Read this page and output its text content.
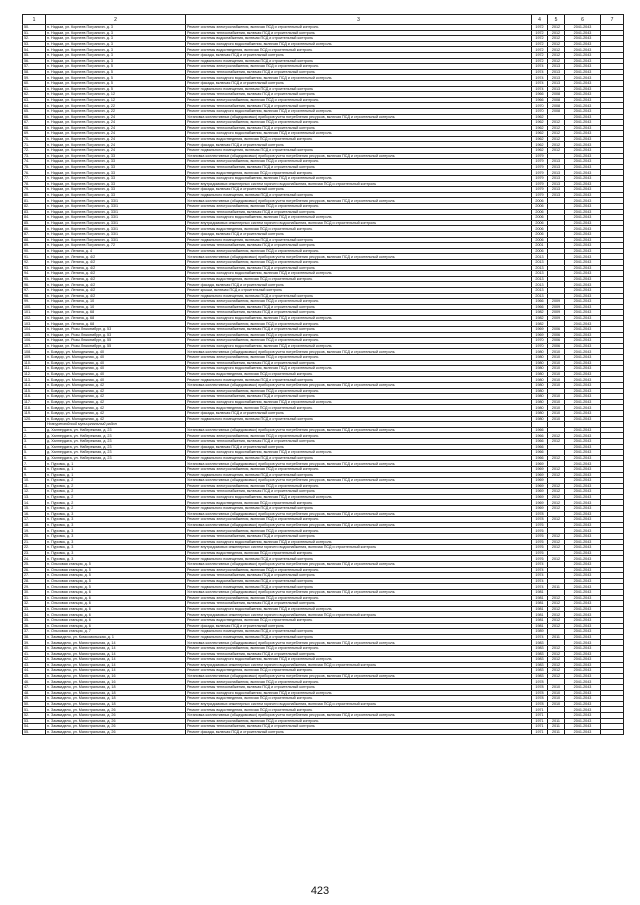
1	2	3	4	5	6	7
50.	п. Надым, ул. Корнеев Пограничн. д. 3	Ремонт системы электроснабжения, включая ПСД и строительный контроль	1972	2012	2041-2043	
51.	п. Надым, ул. Корнеев Пограничн. д. 3	Ремонт системы теплоснабжения, включая ПСД и строительный контроль	1972	2012	2041-2043	
52.	п. Надым, ул. Корнеев Пограничн. д. 3	Ремонт системы водоснабжения, включая ПСД и строительный контроль	1972	2012	2041-2043	
53.	п. Надым, ул. Корнеев Пограничн. д. 3	Ремонт системы холодного водоснабжения, включая ПСД и строительный контроль	1972	2012	2041-2043	
54.	п. Надым, ул. Корнеев Пограничн. д. 3	Ремонт системы водоотведения, включая ПСД и строительный контроль	1972	2012	2041-2043	
55.	п. Надым, ул. Корнеев Пограничн. д. 3	Ремонт фасада, включая ПСД и строительный контроль	1972	2012	2041-2043	
56.	п. Надым, ул. Корнеев Пограничн. д. 3	Ремонт подвального помещения, включая ПСД и строительный контроль	1972	2012	2041-2043	
57.	п. Надым, ул. Корнеев Пограничн. д. 5	Ремонт системы электроснабжения, включая ПСД и строительный контроль	1974	2013	2041-2043	
58.	п. Надым, ул. Корнеев Пограничн. д. 5	Ремонт системы теплоснабжения, включая ПСД и строительный контроль	1974	2013	2041-2043	
59.	п. Надым, ул. Корнеев Пограничн. д. 5	Ремонт системы холодного водоснабжения, включая ПСД и строительный контроль	1974	2013	2041-2043	
60.	п. Надым, ул. Корнеев Пограничн. д. 5	Ремонт фасада, включая ПСД и строительный контроль	1974	2013	2041-2043	
61.	п. Надым, ул. Корнеев Пограничн. д. 5	Ремонт подвального помещения, включая ПСД и строительный контроль	1974	2013	2041-2043	
62.	п. Надым, ул. Корнеев Пограничн. д. 12	Ремонт системы теплоснабжения, включая ПСД и строительный контроль	1966	2008	2041-2043	
63.	п. Надым, ул. Корнеев Пограничн. д. 12	Ремонт системы электроснабжения, включая ПСД и строительный контроль	1966	2008	2041-2043	
64.	п. Надым, ул. Корнеев Пограничн. д. 22	Ремонт системы теплоснабжения, включая ПСД и строительный контроль	1970	2008	2041-2043	
65.	п. Надым, ул. Корнеев Пограничн. д. 22	Ремонт системы холодного водоснабжения, включая ПСД и строительный контроль	1970	2008	2041-2043	
66.	п. Надым, ул. Корнеев Пограничн. д. 24	Установка коллективных (общедомовых) приборов учета потребления ресурсов, включая ПСД и строительный контроль	1962		2041-2043	
67.	п. Надым, ул. Корнеев Пограничн. д. 24	Ремонт системы электроснабжения, включая ПСД и строительный контроль	1962	2012	2041-2043	
68.	п. Надым, ул. Корнеев Пограничн. д. 24	Ремонт системы теплоснабжения, включая ПСД и строительный контроль	1962	2012	2041-2043	
69.	п. Надым, ул. Корнеев Пограничн. д. 24	Ремонт системы холодного водоснабжения, включая ПСД и строительный контроль	1962	2012	2041-2043	
70.	п. Надым, ул. Корнеев Пограничн. д. 24	Ремонт системы водоотведения, включая ПСД и строительный контроль	1962	2012	2041-2043	
71.	п. Надым, ул. Корнеев Пограничн. д. 24	Ремонт фасада, включая ПСД и строительный контроль	1962	2012	2041-2043	
72.	п. Надым, ул. Корнеев Пограничн. д. 24	Ремонт подвального помещения, включая ПСД и строительный контроль	1962	2012	2041-2043	
73.	п. Надым, ул. Корнеев Пограничн. д. 33	Установка коллективных (общедомовых) приборов учета потребления ресурсов, включая ПСД и строительный контроль	1979		2041-2043	
74.	п. Надым, ул. Корнеев Пограничн. д. 33	Ремонт системы электроснабжения, включая ПСД и строительный контроль	1979	2013	2041-2043	
75.	п. Надым, ул. Корнеев Пограничн. д. 33	Ремонт системы теплоснабжения, включая ПСД и строительный контроль	1979	2013	2041-2043	
76.	п. Надым, ул. Корнеев Пограничн. д. 33	Ремонт системы водоотведения, включая ПСД и строительный контроль	1979	2013	2041-2043	
77.	п. Надым, ул. Корнеев Пограничн. д. 33	Ремонт системы холодного водоснабжения, включая ПСД и строительный контроль	1979	2013	2041-2043	
78.	п. Надым, ул. Корнеев Пограничн. д. 33	Ремонт внутридомовых инженерных систем горячего водоснабжения, включая ПСД и строительный контроль	1979	2013	2041-2043	
79.	п. Надым, ул. Корнеев Пограничн. д. 33	Ремонт фасада, включая ПСД и строительный контроль	1979	2013	2041-2043	
80.	п. Надым, ул. Корнеев Пограничн. д. 33	Ремонт подвального помещения, включая ПСД и строительный контроль	1979	2013	2041-2043	
81.	п. Надым, ул. Корнеев Пограничн. д. 33/1	Установка коллективных (общедомовых) приборов учета потребления ресурсов, включая ПСД и строительный контроль	2006		2041-2043	
82.	п. Надым, ул. Корнеев Пограничн. д. 33/1	Ремонт системы электроснабжения, включая ПСД и строительный контроль	2006		2041-2043	
83.	п. Надым, ул. Корнеев Пограничн. д. 33/1	Ремонт системы теплоснабжения, включая ПСД и строительный контроль	2006		2041-2043	
84.	п. Надым, ул. Корнеев Пограничн. д. 33/1	Ремонт системы холодного водоснабжения, включая ПСД и строительный контроль	2006		2041-2043	
85.	п. Надым, ул. Корнеев Пограничн. д. 33/1	Ремонт внутридомовых инженерных систем горячего водоснабжения, включая ПСД и строительный контроль	2006		2041-2043	
86.	п. Надым, ул. Корнеев Пограничн. д. 33/1	Ремонт системы водоотведения, включая ПСД и строительный контроль	2006		2041-2043	
87.	п. Надым, ул. Корнеев Пограничн. д. 33/1	Ремонт фасада, включая ПСД и строительный контроль	2006		2041-2043	
88.	п. Надым, ул. Корнеев Пограничн. д. 33/1	Ремонт подвального помещения, включая ПСД и строительный контроль	2006		2041-2043	
89.	п. Надым, ул. Корнеев Пограничн. д. 72	Ремонт системы теплоснабжения, включая ПСД и строительный контроль	2001		2041-2043	
90.	п. Надым, ул. Ленина, д. 4	Ремонт системы электроснабжения, включая ПСД и строительный контроль	2006		2041-2043	
91.	п. Надым, ул. Ленина, д. 4/2	Установка коллективных (общедомовых) приборов учета потребления ресурсов, включая ПСД и строительный контроль	2013		2041-2043	
92.	п. Надым, ул. Ленина, д. 4/2	Ремонт системы электроснабжения, включая ПСД и строительный контроль	2013		2041-2043	
93.	п. Надым, ул. Ленина, д. 4/2	Ремонт системы теплоснабжения, включая ПСД и строительный контроль	2013		2041-2043	
94.	п. Надым, ул. Ленина, д. 4/2	Ремонт системы холодного водоснабжения, включая ПСД и строительный контроль	2013		2041-2043	
95.	п. Надым, ул. Ленина, д. 4/2	Ремонт системы водоотведения, включая ПСД и строительный контроль	2013		2041-2043	
96.	п. Надым, ул. Ленина, д. 4/2	Ремонт фасада, включая ПСД и строительный контроль	2013		2041-2043	
97.	п. Надым, ул. Ленина, д. 4/2	Ремонт крыши, включая ПСД и строительный контроль	2013		2041-2043	
98.	п. Надым, ул. Ленина, д. 4/2	Ремонт подвального помещения, включая ПСД и строительный контроль	2013		2041-2043	
99.	п. Надым, ул. Ленина, д. 10	Ремонт системы электроснабжения, включая ПСД и строительный контроль	1966	2009	2041-2043	
100.	п. Надым, ул. Ленина, д. 10	Ремонт системы теплоснабжения, включая ПСД и строительный контроль	1966	2009	2041-2043	
101.	п. Надым, ул. Ленина, д. 68	Ремонт системы теплоснабжения, включая ПСД и строительный контроль	1982	2009	2041-2043	
102.	п. Надым, ул. Ленина, д. 68	Ремонт системы холодного водоснабжения, включая ПСД и строительный контроль	1982	2009	2041-2043	
103.	п. Надым, ул. Ленина, д. 68	Ремонт системы электроснабжения, включая ПСД и строительный контроль	1982		2041-2043	
104.	п. Надым, ул. Розы Люксембург, д. 53	Ремонт системы теплоснабжения, включая ПСД и строительный контроль	1969	2006	2041-2043	
105.	п. Надым, ул. Розы Люксембург, д. 53	Ремонт системы электроснабжения, включая ПСД и строительный контроль	1969	2006	2041-2043	
106.	п. Надым, ул. Розы Люксембург, д. 55	Ремонт системы электроснабжения, включая ПСД и строительный контроль	1970	2006	2041-2043	
107.	п. Надым, ул. Розы Люксембург, д. 55	Ремонт системы холодного водоснабжения, включая ПСД и строительный контроль	1970	2006	2041-2043	
108.	п. Бовдор, ул. Молодежная, д. 40	Установка коллективных (общедомовых) приборов учета потребления ресурсов, включая ПСД и строительный контроль	1980	2010	2041-2043	
109.	п. Бовдор, ул. Молодежная, д. 40	Ремонт системы электроснабжения, включая ПСД и строительный контроль	1980	2010	2041-2043	
110.	п. Бовдор, ул. Молодежная, д. 40	Ремонт системы теплоснабжения, включая ПСД и строительный контроль	1980	2010	2041-2043	
111.	п. Бовдор, ул. Молодежная, д. 40	Ремонт системы холодного водоснабжения, включая ПСД и строительный контроль	1980	2010	2041-2043	
112.	п. Бовдор, ул. Молодежная, д. 40	Ремонт системы водоотведения, включая ПСД и строительный контроль	1980	2010	2041-2043	
113.	п. Бовдор, ул. Молодежная, д. 40	Ремонт подвального помещения, включая ПСД и строительный контроль	1980	2010	2041-2043	
114.	п. Бовдор, ул. Молодежная, д. 42	Установка коллективных (общедомовых) приборов учета потребления ресурсов, включая ПСД и строительный контроль	1980	2010	2041-2043	
115.	п. Бовдор, ул. Молодежная, д. 42	Ремонт системы электроснабжения, включая ПСД и строительный контроль	1980		2041-2043	
116.	п. Бовдор, ул. Молодежная, д. 42	Ремонт системы теплоснабжения, включая ПСД и строительный контроль	1980	2010	2041-2043	
117.	п. Бовдор, ул. Молодежная, д. 42	Ремонт системы холодного водоснабжения, включая ПСД и строительный контроль	1980	2010	2041-2043	
118.	п. Бовдор, ул. Молодежная, д. 42	Ремонт системы водоотведения, включая ПСД и строительный контроль	1980	2010	2041-2043	
119.	п. Бовдор, ул. Молодежная, д. 42	Ремонт фасада, включая ПСД и строительный контроль	1980	2010	2041-2043	
120.	п. Бовдор, ул. Молодежная, д. 42	Ремонт подвального помещения, включая ПСД и строительный контроль	1980	2010	2041-2043	
	Новоуренгойский муниципальный район					
1.	д. Халпердата, ул. Набережная, д. 23	Установка коллективных (общедомовых) приборов учета потребления ресурсов, включая ПСД и строительный контроль	1966		2041-2043	
2.	д. Халпердата, ул. Набережная, д. 23	Ремонт системы электроснабжения, включая ПСД и строительный контроль	1966	2012	2041-2043	
3.	д. Халпердата, ул. Набережная, д. 23	Ремонт системы теплоснабжения, включая ПСД и строительный контроль	1966	2012	2041-2043	
4.	д. Халпердата, ул. Набережная, д. 23	Ремонт фасада, включая ПСД и строительный контроль	1966		2041-2043	
5.	д. Халпердата, ул. Набережная, д. 23	Ремонт системы холодного водоснабжения, включая ПСД и строительный контроль	1966		2041-2043	
6.	д. Халпердата, ул. Набережная, д. 23	Ремонт подвального помещения, включая ПСД и строительный контроль	1966	2012	2041-2043	
7.	п. Пуровск, д. 1	Установка коллективных (общедомовых) приборов учета потребления ресурсов, включая ПСД и строительный контроль	1969		2041-2043	
8.	п. Пуровск, д. 1	Ремонт системы электроснабжения, включая ПСД и строительный контроль	1969	2012	2041-2043	
9.	п. Пуровск, д. 1	Ремонт подвального помещения, включая ПСД и строительный контроль	1969	2012	2041-2043	
10.	п. Пуровск, д. 2	Установка коллективных (общедомовых) приборов учета потребления ресурсов, включая ПСД и строительный контроль	1969		2041-2043	
11.	п. Пуровск, д. 2	Ремонт системы электроснабжения, включая ПСД и строительный контроль	1969	2012	2041-2043	
12.	п. Пуровск, д. 2	Ремонт системы теплоснабжения, включая ПСД и строительный контроль	1969	2012	2041-2043	
13.	п. Пуровск, д. 2	Ремонт системы холодного водоснабжения, включая ПСД и строительный контроль	1969	2012	2041-2043	
14.	п. Пуровск, д. 2	Ремонт системы водоотведения, включая ПСД и строительный контроль	1969	2012	2041-2043	
15.	п. Пуровск, д. 2	Ремонт подвального помещения, включая ПСД и строительный контроль	1969	2012	2041-2043	
16.	п. Пуровск, д. 3	Установка коллективных (общедомовых) приборов учета потребления ресурсов, включая ПСД и строительный контроль	1978		2041-2043	
17.	п. Пуровск, д. 3	Ремонт системы электроснабжения, включая ПСД и строительный контроль	1978	2012	2041-2043	
18.	п. Пуровск, д. 3	Установка коллективных (общедомовых) приборов учета потребления ресурсов, включая ПСД и строительный контроль	1976		2041-2043	
19.	п. Пуровск, д. 3	Ремонт системы электроснабжения, включая ПСД и строительный контроль	1976		2041-2043	
20.	п. Пуровск, д. 3	Ремонт системы теплоснабжения, включая ПСД и строительный контроль	1976	2012	2041-2043	
21.	п. Пуровск, д. 3	Ремонт системы холодного водоснабжения, включая ПСД и строительный контроль	1976	2012	2041-2043	
22.	п. Пуровск, д. 3	Ремонт внутридомовых инженерных систем горячего водоснабжения, включая ПСД и строительный контроль	1976	2012	2041-2043	
23.	п. Пуровск, д. 3	Ремонт системы водоотведения, включая ПСД и строительный контроль	1976		2041-2043	
24.	п. Пуровск, д. 3	Ремонт подвального помещения, включая ПСД и строительный контроль	1976	2012	2041-2043	
25.	п. Ольховая станция, д. 5	Установка коллективных (общедомовых) приборов учета потребления ресурсов, включая ПСД и строительный контроль	1974		2041-2043	
26.	п. Ольховая станция, д. 5	Ремонт системы электроснабжения, включая ПСД и строительный контроль	1974		2041-2043	
27.	п. Ольховая станция, д. 5	Ремонт системы теплоснабжения, включая ПСД и строительный контроль	1974		2041-2043	
28.	п. Ольховая станция, д. 5	Ремонт системы водоснабжения, включая ПСД и строительный контроль	1974		2041-2043	
29.	п. Ольховая станция, д. 5	Ремонт подвального помещения, включая ПСД и строительный контроль	1974	2011	2041-2043	
30.	п. Ольховая станция, д. 6	Установка коллективных (общедомовых) приборов учета потребления ресурсов, включая ПСД и строительный контроль	1981		2041-2043	
31.	п. Ольховая станция, д. 6	Ремонт системы электроснабжения, включая ПСД и строительный контроль	1981	2012	2041-2043	
32.	п. Ольховая станция, д. 6	Ремонт системы теплоснабжения, включая ПСД и строительный контроль	1981	2012	2041-2043	
33.	п. Ольховая станция, д. 6	Ремонт системы холодного водоснабжения, включая ПСД и строительный контроль	1981	2012	2041-2043	
34.	п. Ольховая станция, д. 6	Ремонт внутридомовых инженерных систем горячего водоснабжения, включая ПСД и строительный контроль	1981	2012	2041-2043	
35.	п. Ольховая станция, д. 6	Ремонт системы водоотведения, включая ПСД и строительный контроль	1981	2012	2041-2043	
36.	п. Ольховая станция, д. 6	Ремонт фасада, включая ПСД и строительный контроль	1981	2012	2041-2043	
37.	п. Ольховая станция, д. 7	Ремонт подвального помещения, включая ПСД и строительный контроль	1989		2041-2043	
38.	п. Заммадело, ул. Комсомольская, д. 1	Ремонт подвального помещения, включая ПСД и строительный контроль	1974	2011	2041-2043	
39.	п. Заммадело, ул. Магистральная, д. 14	Установка коллективных (общедомовых) приборов учета потребления ресурсов, включая ПСД и строительный контроль	1983		2041-2043	
40.	п. Заммадело, ул. Магистральная, д. 14	Ремонт системы электроснабжения, включая ПСД и строительный контроль	1983	2012	2041-2043	
41.	п. Заммадело, ул. Магистральная, д. 14	Ремонт системы теплоснабжения, включая ПСД и строительный контроль	1983	2012	2041-2043	
42.	п. Заммадело, ул. Магистральная, д. 14	Ремонт системы холодного водоснабжения, включая ПСД и строительный контроль	1983	2012	2041-2043	
43.	п. Заммадело, ул. Магистральная, д. 14	Ремонт внутридомовых инженерных систем горячего водоснабжения, включая ПСД и строительный контроль	1983	2012	2041-2043	
44.	п. Заммадело, ул. Магистральная, д. 14	Ремонт системы водоотведения, включая ПСД и строительный контроль	1983	2012	2041-2043	
45.	п. Заммадело, ул. Магистральная, д. 16	Установка коллективных (общедомовых) приборов учета потребления ресурсов, включая ПСД и строительный контроль	1983	2012	2041-2043	
46.	п. Заммадело, ул. Магистральная, д. 16	Ремонт системы электроснабжения, включая ПСД и строительный контроль	1978		2041-2043	
47.	п. Заммадело, ул. Магистральная, д. 18	Ремонт системы теплоснабжения, включая ПСД и строительный контроль	1978	2010	2041-2043	
48.	п. Заммадело, ул. Магистральная, д. 18	Ремонт системы холодного водоснабжения, включая ПСД и строительный контроль	1978	2010	2041-2043	
49.	п. Заммадело, ул. Магистральная, д. 18	Ремонт системы водоотведения, включая ПСД и строительный контроль	1978	2010	2041-2043	
50.	п. Заммадело, ул. Магистральная, д. 18	Ремонт внутридомовых инженерных систем горячего водоснабжения, включая ПСД и строительный контроль	1978	2010	2041-2043	
51.	п. Заммадело, ул. Магистральная, д. 26	Ремонт системы водоотведения, включая ПСД и строительный контроль	1971		2041-2043	
52.	п. Заммадело, ул. Магистральная, д. 26	Установка коллективных (общедомовых) приборов учета потребления ресурсов, включая ПСД и строительный контроль	1971		2041-2043	
53.	п. Заммадело, ул. Магистральная, д. 26	Ремонт системы электроснабжения, включая ПСД и строительный контроль	1971	2011	2041-2043	
54.	п. Заммадело, ул. Магистральная, д. 26	Ремонт системы теплоснабжения, включая ПСД и строительный контроль	1971	2011	2041-2043	
55.	п. Заммадело, ул. Магистральная, д. 26	Ремонт фасада, включая ПСД и строительный контроль	1971	2011	2041-2043	
423
